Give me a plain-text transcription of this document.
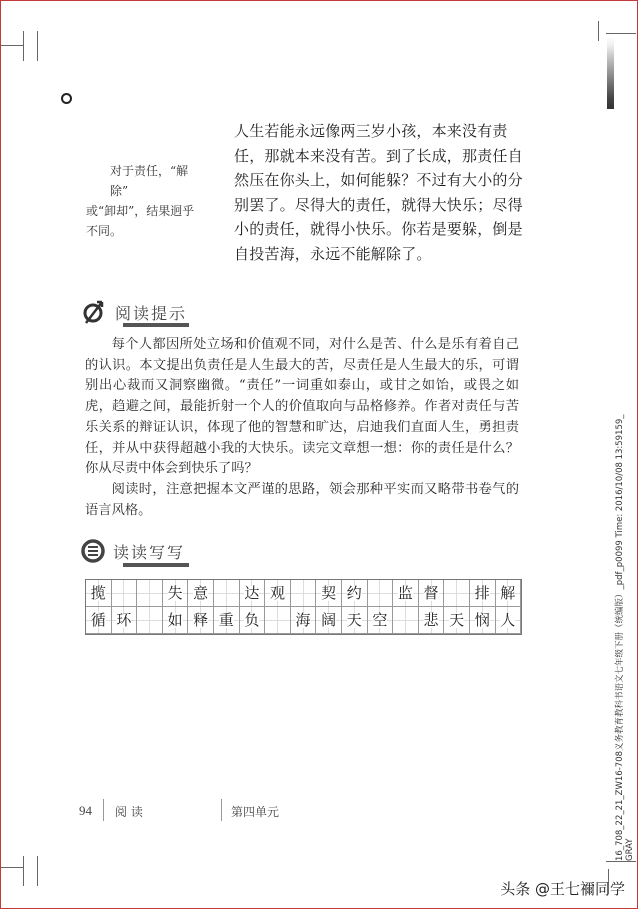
人生若能永远像两三岁小孩，本来没有责任，那就本来没有苦。到了长成，那责任自然压在你头上，如何能躲？不过有大小的分别罢了。尽得大的责任，就得大快乐；尽得小的责任，就得小快乐。你若是要躲，倒是自投苦海，永远不能解除了。
对于责任，“解除”
或“卸却”，结果迥乎不同。
阅读提示

每个人都因所处立场和价值观不同，对什么是苦、什么是乐有着自己的认识。本文提出负责任是人生最大的苦，尽责任是人生最大的乐，可谓别出心裁而又洞察幽微。“责任”一词重如泰山，或甘之如饴，或畏之如虎，趋避之间，最能折射一个人的价值取向与品格修养。作者对责任与苦乐关系的辩证认识，体现了他的智慧和旷达，启迪我们直面人生，勇担责任，并从中获得超越小我的大快乐。读完文章想一想：你的责任是什么？你从尽责中体会到快乐了吗？

阅读时，注意把握本文严谨的思路，领会那种平实而又略带书卷气的语言风格。

读读写写
揽	失 意 达 观 契 约 监 督 排 解
循 环 如 释 重 负 海 阔 天 空 悲 天 悯 人
94 阅 读	第四单元	16_708_22_21_ZW16-708义务教育教科书语文七年级下册（统编版）_pdf_p0099 Time: 2016/10/08 13:59159_ GRAY
头条 @王七禰同学
